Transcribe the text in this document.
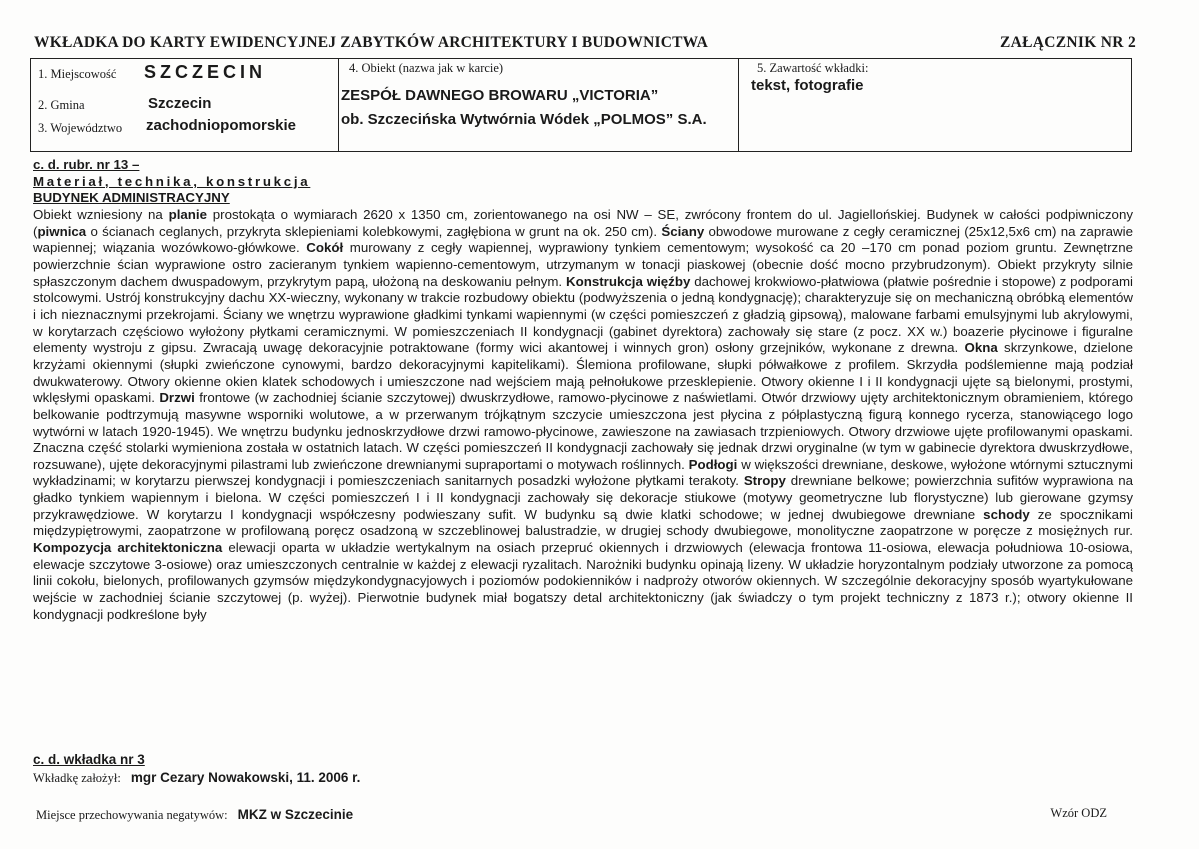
WKŁADKA DO KARTY EWIDENCYJNEJ ZABYTKÓW ARCHITEKTURY I BUDOWNICTWA	ZAŁĄCZNIK NR 2
1. Miejscowość SZCZECIN
2. Gmina	Szczecin
3. Województwo zachodniopomorskie
4. Obiekt (nazwa jak w karcie)
ZESPÓŁ DAWNEGO BROWARU „VICTORIA”
ob. Szczecińska Wytwórnia Wódek „POLMOS” S.A.
5. Zawartość wkładki:
tekst, fotografie
c. d. rubr. nr 13 –
Materiał, technika, konstrukcja
BUDYNEK ADMINISTRACYJNY
Obiekt wzniesiony na planie prostokąta o wymiarach 2620 x 1350 cm, zorientowanego na osi NW – SE, zwrócony frontem do ul. Jagiellońskiej. Budynek w całości podpiwniczony (piwnica o ścianach ceglanych, przykryta sklepieniami kolebkowymi, zagłębiona w grunt na ok. 250 cm). Ściany obwodowe murowane z cegły ceramicznej (25x12,5x6 cm) na zaprawie wapiennej; wiązania wozówkowo-główkowe. Cokół murowany z cegły wapiennej, wyprawiony tynkiem cementowym; wysokość ca 20 –170 cm ponad poziom gruntu. Zewnętrzne powierzchnie ścian wyprawione ostro zacieranym tynkiem wapienno-cementowym, utrzymanym w tonacji piaskowej (obecnie dość mocno przybrudzonym). Obiekt przykryty silnie spłaszczonym dachem dwuspadowym, przykrytym papą, ułożoną na deskowaniu pełnym. Konstrukcja więźby dachowej krokwiowo-płatwiowa (płatwie pośrednie i stopowe) z podporami stolcowymi. Ustrój konstrukcyjny dachu XX-wieczny, wykonany w trakcie rozbudowy obiektu (podwyższenia o jedną kondygnację); charakteryzuje się on mechaniczną obróbką elementów i ich nieznacznymi przekrojami. Ściany we wnętrzu wyprawione gładkimi tynkami wapiennymi (w części pomieszczeń z gładzią gipsową), malowane farbami emulsyjnymi lub akrylowymi, w korytarzach częściowo wyłożony płytkami ceramicznymi. W pomieszczeniach II kondygnacji (gabinet dyrektora) zachowały się stare (z pocz. XX w.) boazerie płycinowe i figuralne elementy wystroju z gipsu. Zwracają uwagę dekoracyjnie potraktowane (formy wici akantowej i winnych gron) osłony grzejników, wykonane z drewna. Okna skrzynkowe, dzielone krzyżami okiennymi (słupki zwieńczone cynowymi, bardzo dekoracyjnymi kapitelikami). Ślemiona profilowane, słupki półwałkowe z profilem. Skrzydła podślemienne mają podział dwukwaterowy. Otwory okienne okien klatek schodowych i umieszczone nad wejściem mają pełnołukowe przesklepienie. Otwory okienne I i II kondygnacji ujęte są bielonymi, prostymi, wklęsłymi opaskami. Drzwi frontowe (w zachodniej ścianie szczytowej) dwuskrzydłowe, ramowo-płycinowe z naświetlami. Otwór drzwiowy ujęty architektonicznym obramieniem, którego belkowanie podtrzymują masywne wsporniki wolutowe, a w przerwanym trójkątnym szczycie umieszczona jest płycina z półplastyczną figurą konnego rycerza, stanowiącego logo wytwórni w latach 1920-1945). We wnętrzu budynku jednoskrzydłowe drzwi ramowo-płycinowe, zawieszone na zawiasach trzpieniowych. Otwory drzwiowe ujęte profilowanymi opaskami. Znaczna część stolarki wymieniona została w ostatnich latach. W części pomieszczeń II kondygnacji zachowały się jednak drzwi oryginalne (w tym w gabinecie dyrektora dwuskrzydłowe, rozsuwane), ujęte dekoracyjnymi pilastrami lub zwieńczone drewnianymi supraportami o motywach roślinnych. Podłogi w większości drewniane, deskowe, wyłożone wtórnymi sztucznymi wykładzinami; w korytarzu pierwszej kondygnacji i pomieszczeniach sanitarnych posadzki wyłożone płytkami terakoty. Stropy drewniane belkowe; powierzchnia sufitów wyprawiona na gładko tynkiem wapiennym i bielona. W części pomieszczeń I i II kondygnacji zachowały się dekoracje stiukowe (motywy geometryczne lub florystyczne) lub gierowane gzymsy przykrawędziowe. W korytarzu I kondygnacji współczesny podwieszany sufit. W budynku są dwie klatki schodowe; w jednej dwubiegowe drewniane schody ze spocznikami międzypiętrowymi, zaopatrzone w profilowaną poręcz osadzoną w szczeblinowej balustradzie, w drugiej schody dwubiegowe, monolityczne zaopatrzone w poręcze z mosiężnych rur. Kompozycja architektoniczna elewacji oparta w układzie wertykalnym na osiach przepruć okiennych i drzwiowych (elewacja frontowa 11-osiowa, elewacja południowa 10-osiowa, elewacje szczytowe 3-osiowe) oraz umieszczonych centralnie w każdej z elewacji ryzalitach. Narożniki budynku opinają lizeny. W układzie horyzontalnym podziały utworzone za pomocą linii cokołu, bielonych, profilowanych gzymsów międzykondygnacyjowych i poziomów podokienników i nadproży otworów okiennych. W szczególnie dekoracyjny sposób wyartykułowane wejście w zachodniej ścianie szczytowej (p. wyżej). Pierwotnie budynek miał bogatszy detal architektoniczny (jak świadczy o tym projekt techniczny z 1873 r.); otwory okienne II kondygnacji podkreślone były
c. d. wkładka nr 3
Wkładkę założył: mgr Cezary Nowakowski, 11. 2006 r.
Miejsce przechowywania negatywów: MKZ w Szczecinie	Wzór ODZ
